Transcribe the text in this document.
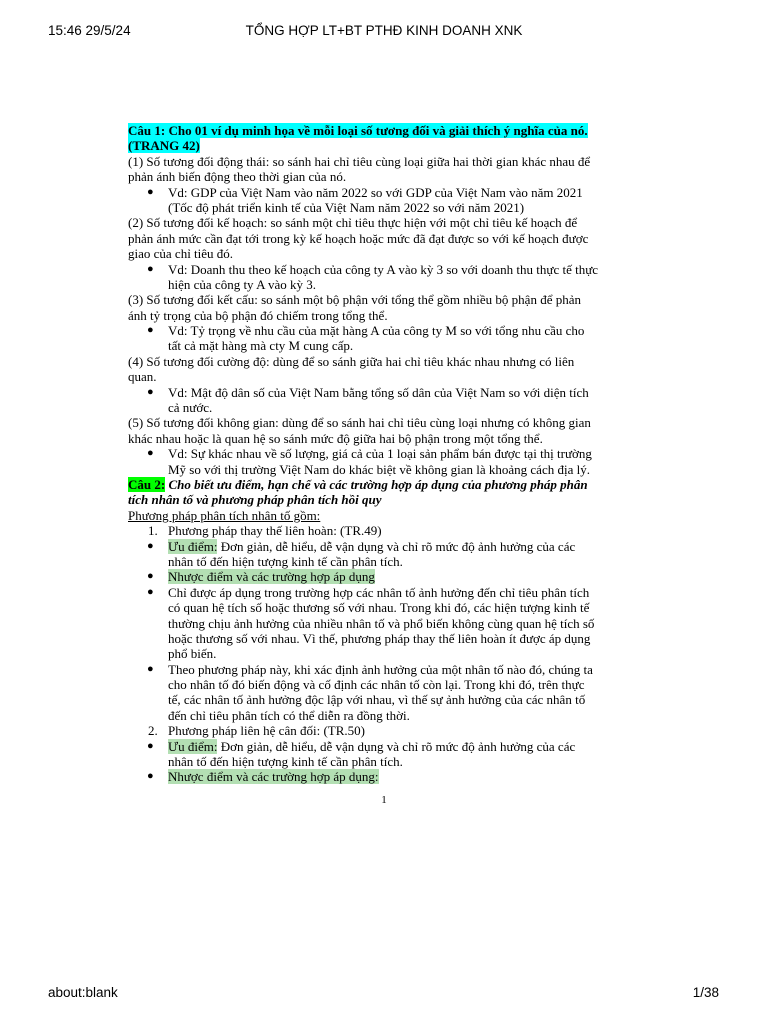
15:46 29/5/24	TỔNG HỢP LT+BT PTHĐ KINH DOANH XNK
Câu 1: Cho 01 ví dụ minh họa về mỗi loại số tương đối và giải thích ý nghĩa của nó.
(TRANG 42)
(1) Số tương đối động thái: so sánh hai chỉ tiêu cùng loại giữa hai thời gian khác nhau để
phản ánh biến động theo thời gian của nó.
● Vd: GDP của Việt Nam vào năm 2022 so với GDP của Việt Nam vào năm 2021
(Tốc độ phát triển kinh tế của Việt Nam năm 2022 so với năm 2021)
(2) Số tương đối kế hoạch: so sánh một chỉ tiêu thực hiện với một chỉ tiêu kế hoạch để
phản ánh mức cần đạt tới trong kỳ kế hoạch hoặc mức đã đạt được so với kế hoạch được
giao của chỉ tiêu đó.
● Vd: Doanh thu theo kế hoạch của công ty A vào kỳ 3 so với doanh thu thực tế thực
hiện của công ty A vào kỳ 3.
(3) Số tương đối kết cấu: so sánh một bộ phận với tổng thể gồm nhiều bộ phận để phản
ánh tỷ trọng của bộ phận đó chiếm trong tổng thể.
● Vd: Tỷ trọng về nhu cầu của mặt hàng A của công ty M so với tổng nhu cầu cho
tất cả mặt hàng mà cty M cung cấp.
(4) Số tương đối cường độ: dùng để so sánh giữa hai chỉ tiêu khác nhau nhưng có liên
quan.
● Vd: Mật độ dân số của Việt Nam bằng tổng số dân của Việt Nam so với diện tích
cả nước.
(5) Số tương đối không gian: dùng để so sánh hai chỉ tiêu cùng loại nhưng có không gian
khác nhau hoặc là quan hệ so sánh mức độ giữa hai bộ phận trong một tổng thể.
● Vd: Sự khác nhau về số lượng, giá cả của 1 loại sản phẩm bán được tại thị trường
Mỹ so với thị trường Việt Nam do khác biệt về không gian là khoảng cách địa lý.
Câu 2: Cho biết ưu điểm, hạn chế và các trường hợp áp dụng của phương pháp phân
tích nhân tố và phương pháp phân tích hồi quy
Phương pháp phân tích nhân tố gồm:
1. Phương pháp thay thế liên hoàn: (TR.49)
● Ưu điểm: Đơn giản, dễ hiểu, dễ vận dụng và chỉ rõ mức độ ảnh hưởng của các
nhân tố đến hiện tượng kinh tế cần phân tích.
● Nhược điểm và các trường hợp áp dụng
● Chỉ được áp dụng trong trường hợp các nhân tố ảnh hưởng đến chỉ tiêu phân tích
có quan hệ tích số hoặc thương số với nhau. Trong khi đó, các hiện tượng kinh tế
thường chịu ảnh hưởng của nhiều nhân tố và phổ biến không cùng quan hệ tích số
hoặc thương số với nhau. Vì thế, phương pháp thay thế liên hoàn ít được áp dụng
phổ biến.
● Theo phương pháp này, khi xác định ảnh hưởng của một nhân tố nào đó, chúng ta
cho nhân tố đó biến động và cố định các nhân tố còn lại. Trong khi đó, trên thực
tế, các nhân tố ảnh hưởng độc lập với nhau, vì thế sự ảnh hưởng của các nhân tố
đến chỉ tiêu phân tích có thể diễn ra đồng thời.
2. Phương pháp liên hệ cân đối: (TR.50)
● Ưu điểm: Đơn giản, dễ hiểu, dễ vận dụng và chỉ rõ mức độ ảnh hưởng của các
nhân tố đến hiện tượng kinh tế cần phân tích.
● Nhược điểm và các trường hợp áp dụng:
1
about:blank	1/38
